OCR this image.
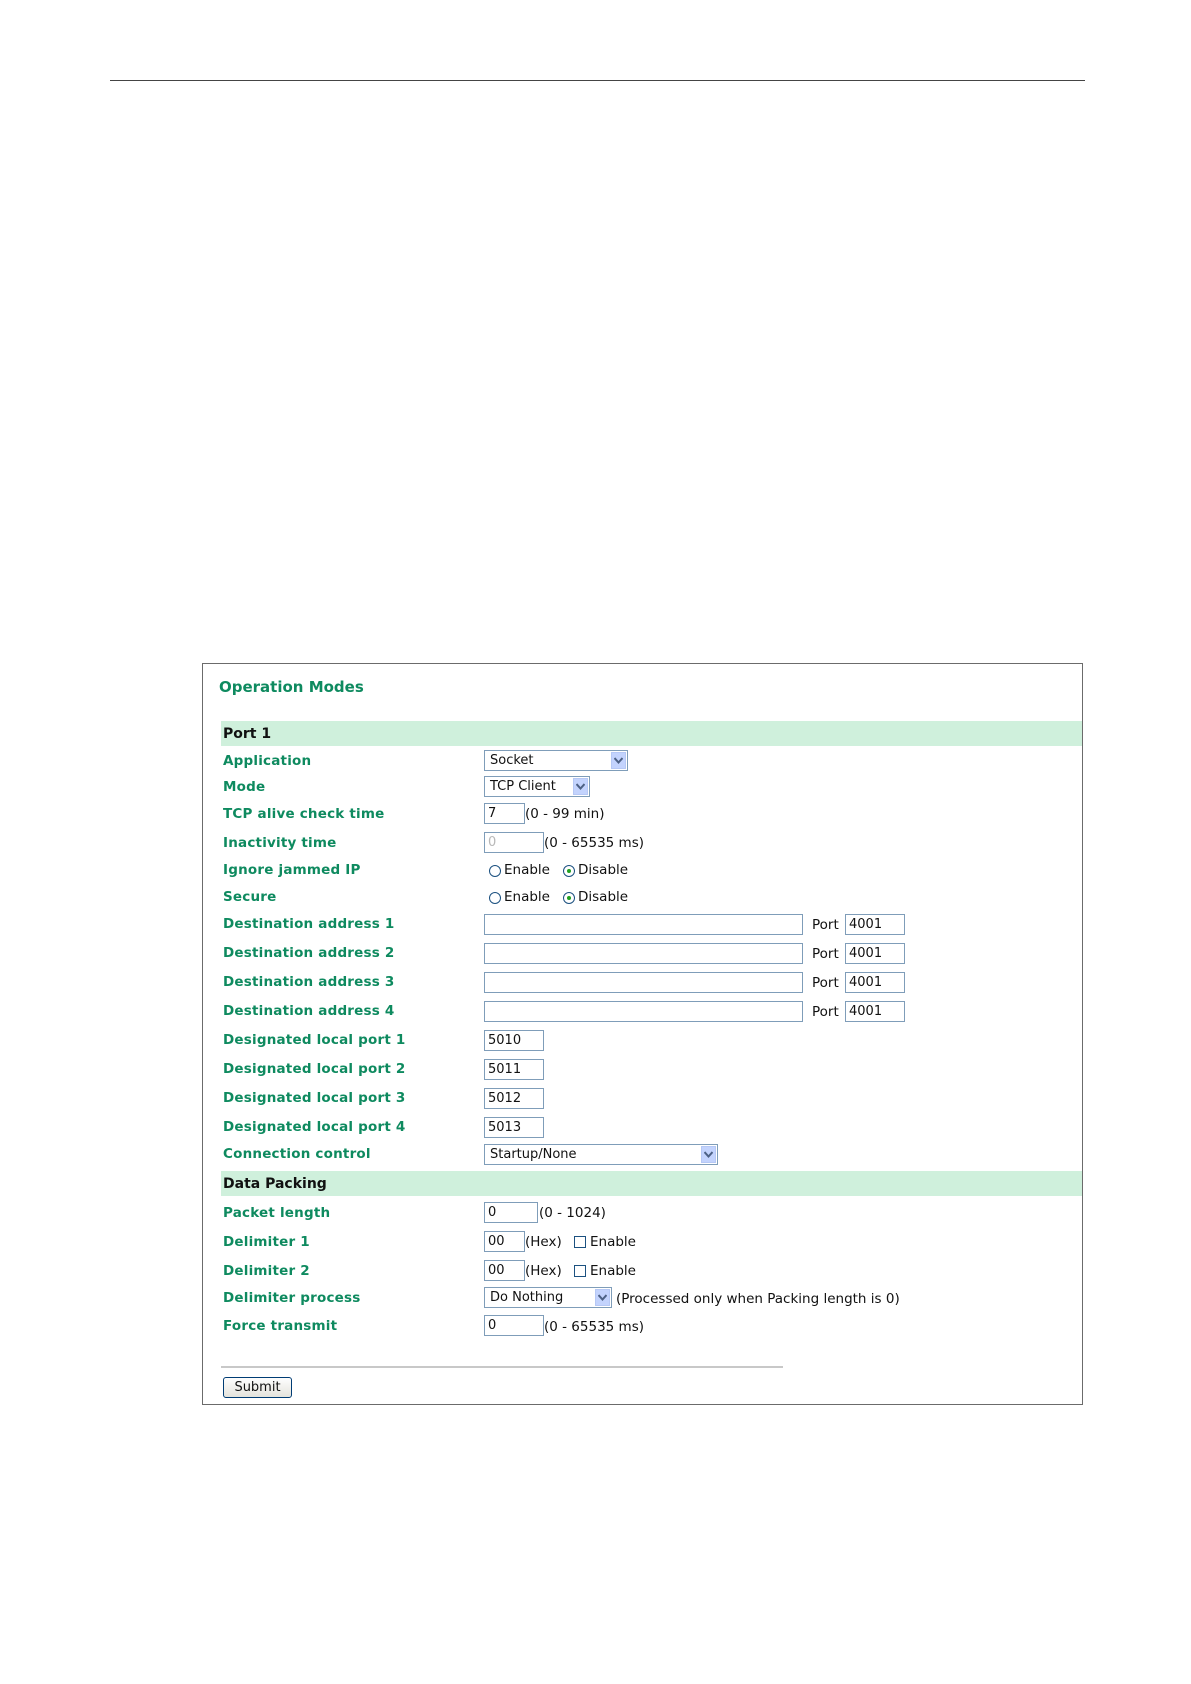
Operation Modes
Port 1
Application	Socket
Mode	TCP Client
TCP alive check time	7	(0 - 99 min)
Inactivity time	0	(0 - 65535 ms)
Ignore jammed IP	Enable Disable
Secure	Enable Disable
Destination address 1	Port 4001
Destination address 2	Port 4001
Destination address 3	Port 4001
Destination address 4	Port 4001
Designated local port 1	5010
Designated local port 2	5011
Designated local port 3	5012
Designated local port 4	5013
Connection control	Startup/None
Data Packing
Packet length	0	(0 - 1024)
Delimiter 1	00	(Hex) Enable
Delimiter 2	00	(Hex) Enable
Delimiter process	Do Nothing	(Processed only when Packing length is 0)
Force transmit	0	(0 - 65535 ms)
Submit
